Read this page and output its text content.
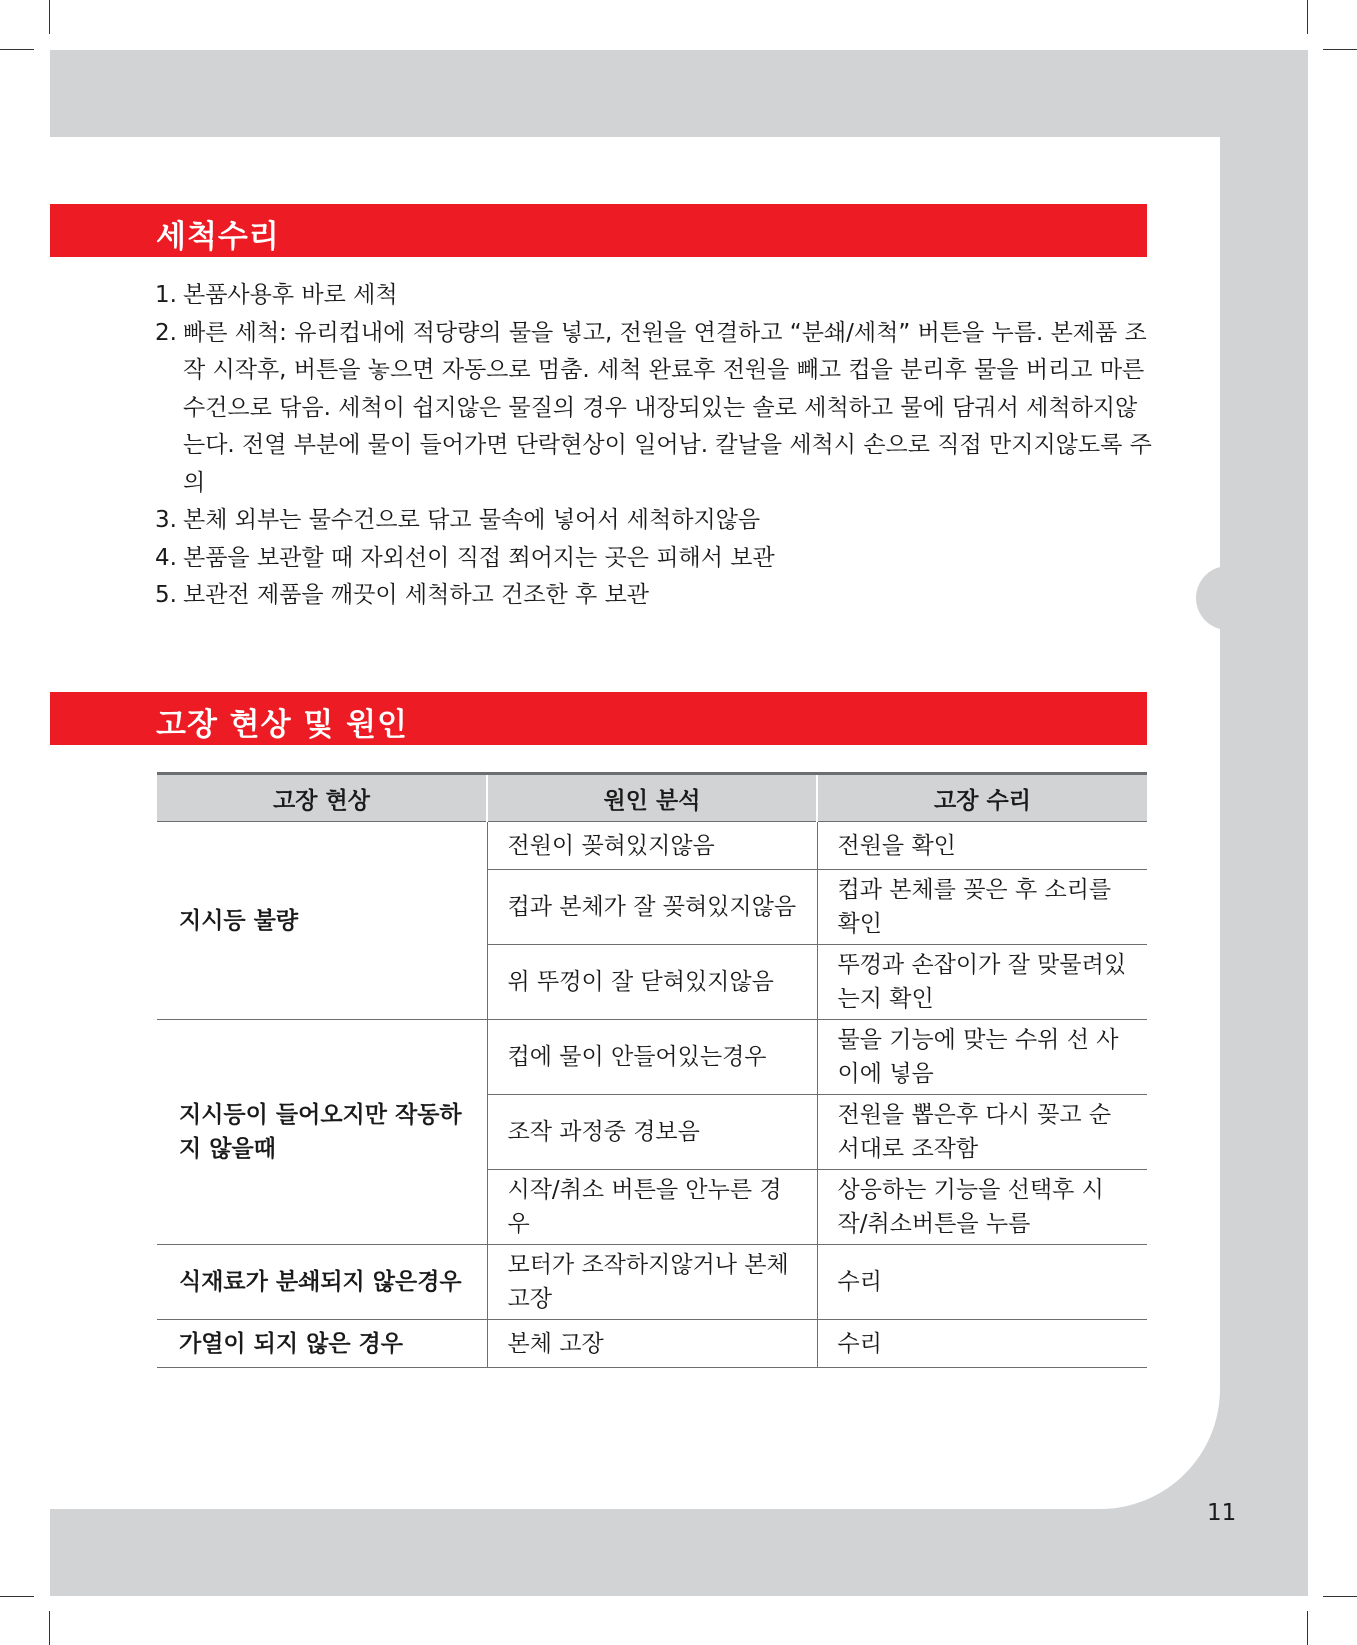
세척수리
1. 본품사용후 바로 세척
2. 빠른 세척: 유리컵내에 적당량의 물을 넣고, 전원을 연결하고 “분쇄/세척” 버튼을 누름. 본제품 조작 시작후, 버튼을 놓으면 자동으로 멈춤. 세척 완료후 전원을 빼고 컵을 분리후 물을 버리고 마른 수건으로 닦음. 세척이 쉽지않은 물질의 경우 내장되있는 솔로 세척하고 물에 담궈서 세척하지않는다. 전열 부분에 물이 들어가면 단락현상이 일어남. 칼날을 세척시 손으로 직접 만지지않도록 주의
3. 본체 외부는 물수건으로 닦고 물속에 넣어서 세척하지않음
4. 본품을 보관할 때 자외선이 직접 쬐어지는 곳은 피해서 보관
5. 보관전 제품을 깨끗이 세척하고 건조한 후 보관
고장 현상 및 원인
고장 현상	원인 분석	고장 수리
지시등 불량	전원이 꽂혀있지않음	전원을 확인
	컵과 본체가 잘 꽂혀있지않음	컵과 본체를 꽂은 후 소리를 확인
	위 뚜껑이 잘 닫혀있지않음	뚜껑과 손잡이가 잘 맞물려있는지 확인
지시등이 들어오지만 작동하지 않을때	컵에 물이 안들어있는경우	물을 기능에 맞는 수위 선 사이에 넣음
	조작 과정중 경보음	전원을 뽑은후 다시 꽂고 순서대로 조작함
	시작/취소 버튼을 안누른 경우	상응하는 기능을 선택후 시작/취소버튼을 누름
식재료가 분쇄되지 않은경우	모터가 조작하지않거나 본체 고장	수리
가열이 되지 않은 경우	본체 고장	수리
11
